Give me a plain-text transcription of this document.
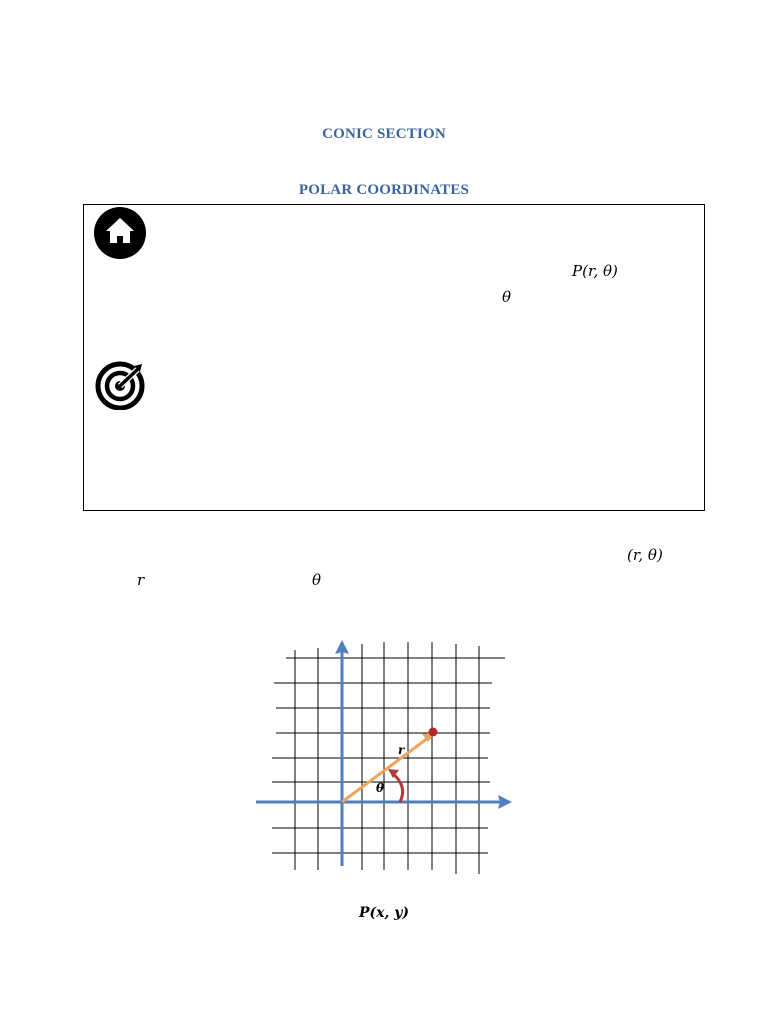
CONIC SECTION
POLAR COORDINATES
P(r, θ)
θ
(r, θ)
r	θ
r
θ
P(x, y)
